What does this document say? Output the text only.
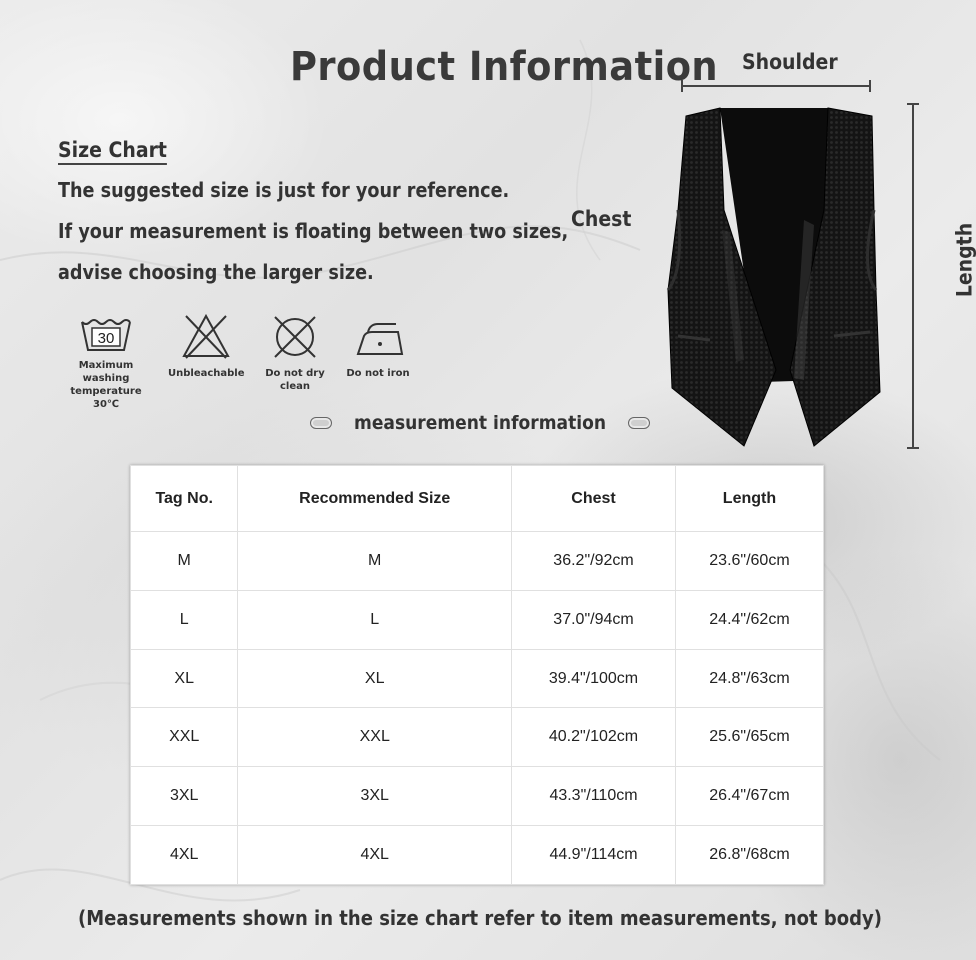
Product Information
Size Chart
The suggested size is just for your reference.
If your measurement is floating between two sizes,
advise choosing the larger size.
30
Maximum washing
temperature 30℃
Unbleachable	Do not dry clean
Do not iron
measurement information
Shoulder
Chest
Length
Tag No.	Recommended Size	Chest	Length
M	M	36.2"/92cm	23.6"/60cm
L	L	37.0"/94cm	24.4"/62cm
XL	XL	39.4"/100cm	24.8"/63cm
XXL	XXL	40.2"/102cm	25.6"/65cm
3XL	3XL	43.3"/110cm	26.4"/67cm
4XL	4XL	44.9"/114cm	26.8"/68cm
(Measurements shown in the size chart refer to item measurements, not body)
